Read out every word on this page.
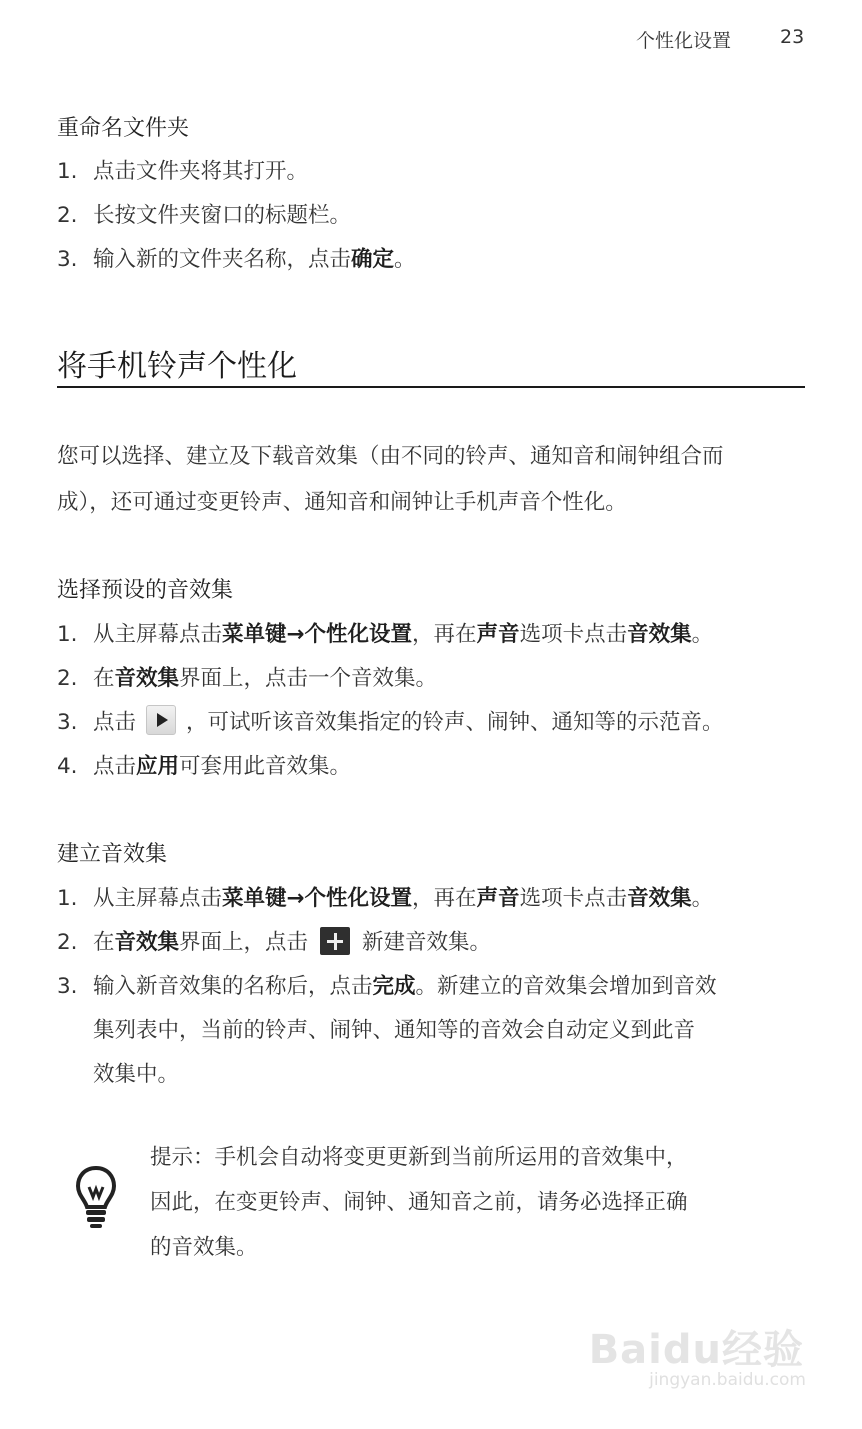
个性化设置	23
重命名文件夹
1. 点击文件夹将其打开。
2. 长按文件夹窗口的标题栏。
3. 输入新的文件夹名称，点击确定。
将手机铃声个性化
您可以选择、建立及下载音效集（由不同的铃声、通知音和闹钟组合而
成），还可通过变更铃声、通知音和闹钟让手机声音个性化。
选择预设的音效集
1. 从主屏幕点击菜单键→个性化设置，再在声音选项卡点击音效集。
2. 在音效集界面上，点击一个音效集。
3. 点击 ，可试听该音效集指定的铃声、闹钟、通知等的示范音。
4. 点击应用可套用此音效集。
建立音效集
1. 从主屏幕点击菜单键→个性化设置，再在声音选项卡点击音效集。
2. 在音效集界面上，点击	新建音效集。
3. 输入新音效集的名称后，点击完成。新建立的音效集会增加到音效
集列表中，当前的铃声、闹钟、通知等的音效会自动定义到此音
效集中。
提示：手机会自动将变更更新到当前所运用的音效集中，
因此，在变更铃声、闹钟、通知音之前，请务必选择正确
的音效集。
Baidu经验
jingyan.baidu.com
